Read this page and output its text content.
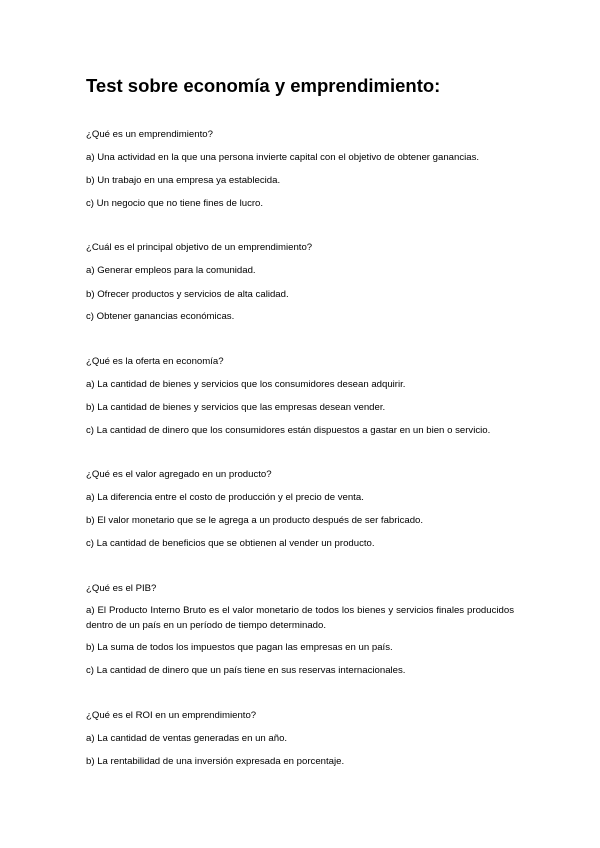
Test sobre economía y emprendimiento:

¿Qué es un emprendimiento?

a) Una actividad en la que una persona invierte capital con el objetivo de obtener ganancias.

b) Un trabajo en una empresa ya establecida.

c) Un negocio que no tiene fines de lucro.

¿Cuál es el principal objetivo de un emprendimiento?

a) Generar empleos para la comunidad.

b) Ofrecer productos y servicios de alta calidad.

c) Obtener ganancias económicas.

¿Qué es la oferta en economía?

a) La cantidad de bienes y servicios que los consumidores desean adquirir.

b) La cantidad de bienes y servicios que las empresas desean vender.

c) La cantidad de dinero que los consumidores están dispuestos a gastar en un bien o servicio.

¿Qué es el valor agregado en un producto?

a) La diferencia entre el costo de producción y el precio de venta.

b) El valor monetario que se le agrega a un producto después de ser fabricado.

c) La cantidad de beneficios que se obtienen al vender un producto.

¿Qué es el PIB?

a) El Producto Interno Bruto es el valor monetario de todos los bienes y servicios finales producidos dentro de un país en un período de tiempo determinado.

b) La suma de todos los impuestos que pagan las empresas en un país.

c) La cantidad de dinero que un país tiene en sus reservas internacionales.

¿Qué es el ROI en un emprendimiento?

a) La cantidad de ventas generadas en un año.

b) La rentabilidad de una inversión expresada en porcentaje.
